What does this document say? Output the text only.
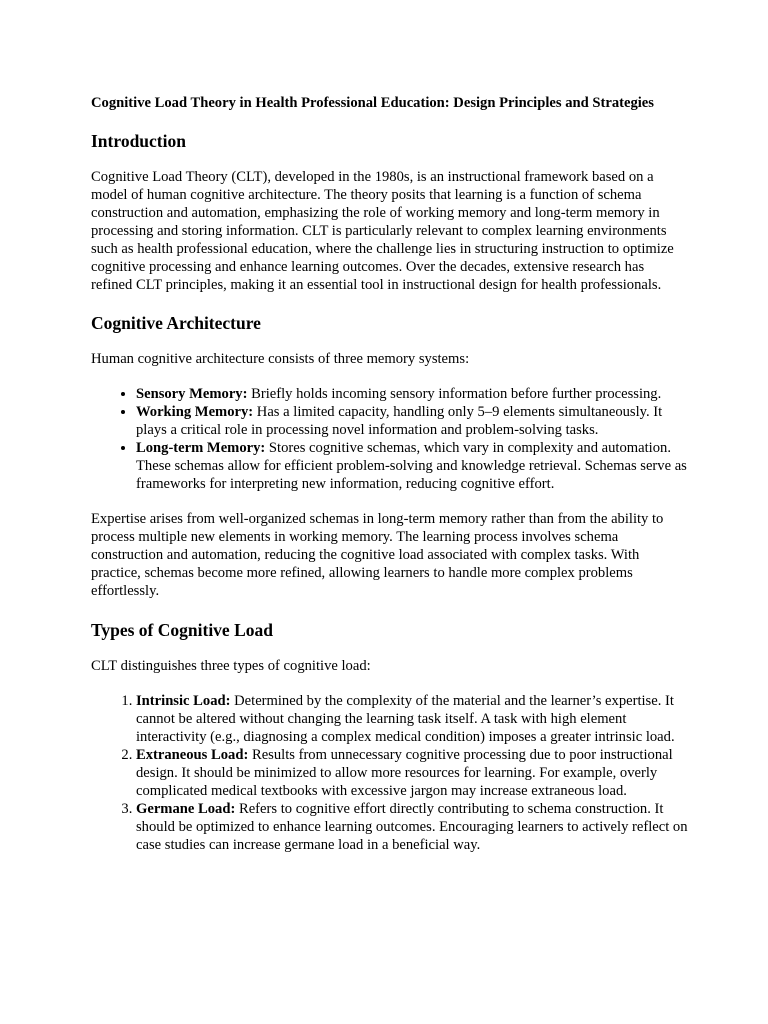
Cognitive Load Theory in Health Professional Education: Design Principles and Strategies

Introduction

Cognitive Load Theory (CLT), developed in the 1980s, is an instructional framework based on a model of human cognitive architecture. The theory posits that learning is a function of schema construction and automation, emphasizing the role of working memory and long-term memory in processing and storing information. CLT is particularly relevant to complex learning environments such as health professional education, where the challenge lies in structuring instruction to optimize cognitive processing and enhance learning outcomes. Over the decades, extensive research has refined CLT principles, making it an essential tool in instructional design for health professionals.

Cognitive Architecture

Human cognitive architecture consists of three memory systems:

• Sensory Memory: Briefly holds incoming sensory information before further processing.
• Working Memory: Has a limited capacity, handling only 5–9 elements simultaneously. It plays a critical role in processing novel information and problem-solving tasks.
• Long-term Memory: Stores cognitive schemas, which vary in complexity and automation. These schemas allow for efficient problem-solving and knowledge retrieval. Schemas serve as frameworks for interpreting new information, reducing cognitive effort.

Expertise arises from well-organized schemas in long-term memory rather than from the ability to process multiple new elements in working memory. The learning process involves schema construction and automation, reducing the cognitive load associated with complex tasks. With practice, schemas become more refined, allowing learners to handle more complex problems effortlessly.

Types of Cognitive Load

CLT distinguishes three types of cognitive load:

1. Intrinsic Load: Determined by the complexity of the material and the learner’s expertise. It cannot be altered without changing the learning task itself. A task with high element interactivity (e.g., diagnosing a complex medical condition) imposes a greater intrinsic load.
2. Extraneous Load: Results from unnecessary cognitive processing due to poor instructional design. It should be minimized to allow more resources for learning. For example, overly complicated medical textbooks with excessive jargon may increase extraneous load.
3. Germane Load: Refers to cognitive effort directly contributing to schema construction. It should be optimized to enhance learning outcomes. Encouraging learners to actively reflect on case studies can increase germane load in a beneficial way.
